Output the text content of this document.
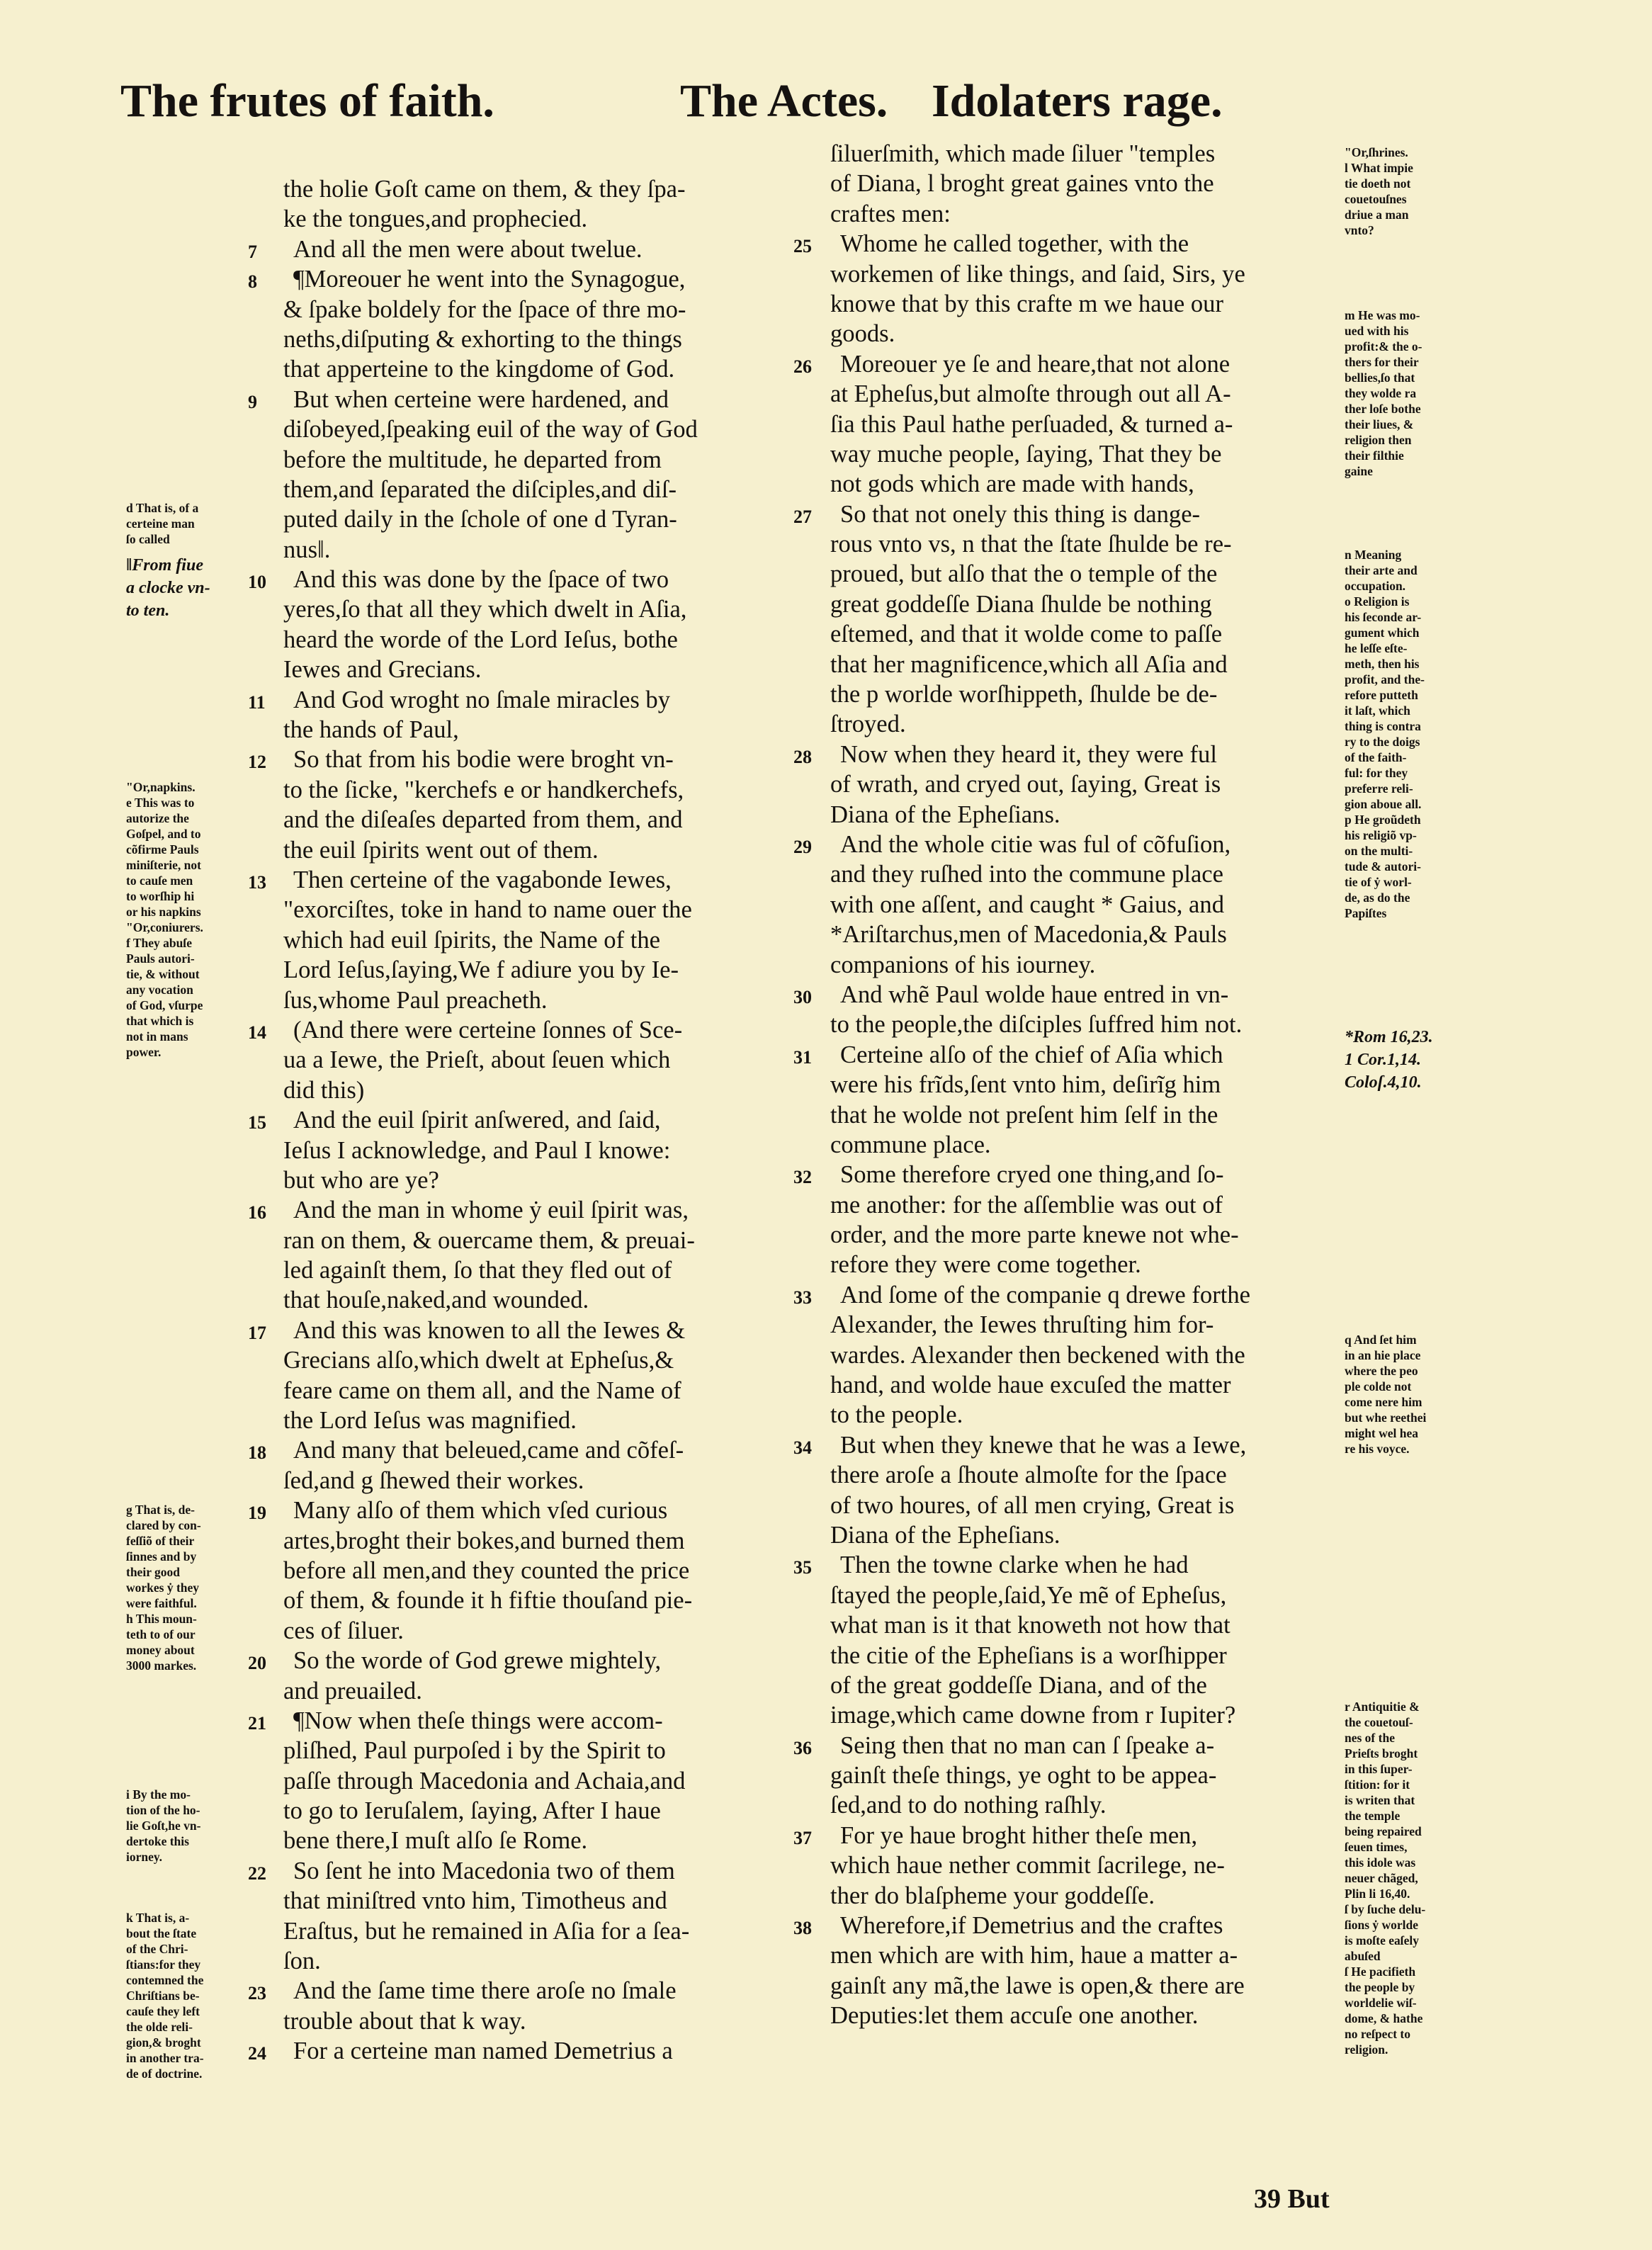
The frutes of faith.	The Actes. Idolaters rage.
the holie Goſt came on them, & they ſpa-
ke the tongues,and prophecied.
7 And all the men were about twelue.
8 ¶Moreouer he went into the Synagogue,
& ſpake boldely for the ſpace of thre mo-
neths,diſputing & exhorting to the things
that apperteine to the kingdome of God.
9 But when certeine were hardened, and
diſobeyed,ſpeaking euil of the way of God
before the multitude, he departed from
them,and ſeparated the diſciples,and diſ-
puted daily in the ſchole of one d Tyran-
nus‖.
10 And this was done by the ſpace of two
yeres,ſo that all they which dwelt in Aſia,
heard the worde of the Lord Ieſus, bothe
Iewes and Grecians.
11 And God wroght no ſmale miracles by
the hands of Paul,
12 So that from his bodie were broght vn-
to the ſicke, "kerchefs e or handkerchefs,
and the diſeaſes departed from them, and
the euil ſpirits went out of them.
13 Then certeine of the vagabonde Iewes,
"exorciſtes, toke in hand to name ouer the
which had euil ſpirits, the Name of the
Lord Ieſus,ſaying,We f adiure you by Ie-
ſus,whome Paul preacheth.
14 (And there were certeine ſonnes of Sce-
ua a Iewe, the Prieſt, about ſeuen which
did this)
15 And the euil ſpirit anſwered, and ſaid,
Ieſus I acknowledge, and Paul I knowe:
but who are ye?
16 And the man in whome ẏ euil ſpirit was,
ran on them, & ouercame them, & preuai-
led againſt them, ſo that they fled out of
that houſe,naked,and wounded.
17 And this was knowen to all the Iewes &
Grecians alſo,which dwelt at Epheſus,&
feare came on them all, and the Name of
the Lord Ieſus was magnified.
18 And many that beleued,came and cõfeſ-
ſed,and g ſhewed their workes.
19 Many alſo of them which vſed curious
artes,broght their bokes,and burned them
before all men,and they counted the price
of them, & founde it h fiftie thouſand pie-
ces of ſiluer.
20 So the worde of God grewe mightely,
and preuailed.
21 ¶Now when theſe things were accom-
pliſhed, Paul purpoſed i by the Spirit to
paſſe through Macedonia and Achaia,and
to go to Ieruſalem, ſaying, After I haue
bene there,I muſt alſo ſe Rome.
22 So ſent he into Macedonia two of them
that miniſtred vnto him, Timotheus and
Eraſtus, but he remained in Aſia for a ſea-
ſon.
23 And the ſame time there aroſe no ſmale
trouble about that k way.
24 For a certeine man named Demetrius a
ſiluerſmith, which made ſiluer "temples
of Diana, l broght great gaines vnto the
craftes men:
25 Whome he called together, with the
workemen of like things, and ſaid, Sirs, ye
knowe that by this crafte m we haue our
goods.
26 Moreouer ye ſe and heare,that not alone
at Epheſus,but almoſte through out all A-
ſia this Paul hathe perſuaded, & turned a-
way muche people, ſaying, That they be
not gods which are made with hands,
27 So that not onely this thing is dange-
rous vnto vs, n that the ſtate ſhulde be re-
proued, but alſo that the o temple of the
great goddeſſe Diana ſhulde be nothing
eſtemed, and that it wolde come to paſſe
that her magnificence,which all Aſia and
the p worlde worſhippeth, ſhulde be de-
ſtroyed.
28 Now when they heard it, they were ful
of wrath, and cryed out, ſaying, Great is
Diana of the Epheſians.
29 And the whole citie was ful of cõfuſion,
and they ruſhed into the commune place
with one aſſent, and caught * Gaius, and
*Ariſtarchus,men of Macedonia,& Pauls
companions of his iourney.
30 And whẽ Paul wolde haue entred in vn-
to the people,the diſciples ſuffred him not.
31 Certeine alſo of the chief of Aſia which
were his frĩds,ſent vnto him, deſirĩg him
that he wolde not preſent him ſelf in the
commune place.
32 Some therefore cryed one thing,and ſo-
me another: for the aſſemblie was out of
order, and the more parte knewe not whe-
refore they were come together.
33 And ſome of the companie q drewe forthe
Alexander, the Iewes thruſting him for-
wardes. Alexander then beckened with the
hand, and wolde haue excuſed the matter
to the people.
34 But when they knewe that he was a Iewe,
there aroſe a ſhoute almoſte for the ſpace
of two houres, of all men crying, Great is
Diana of the Epheſians.
35 Then the towne clarke when he had
ſtayed the people,ſaid,Ye mẽ of Epheſus,
what man is it that knoweth not how that
the citie of the Epheſians is a worſhipper
of the great goddeſſe Diana, and of the
image,which came downe from r Iupiter?
36 Seing then that no man can ſ ſpeake a-
gainſt theſe things, ye oght to be appea-
ſed,and to do nothing raſhly.
37 For ye haue broght hither theſe men,
which haue nether commit ſacrilege, ne-
ther do blaſpheme your goddeſſe.
38 Wherefore,if Demetrius and the craftes
men which are with him, haue a matter a-
gainſt any mã,the lawe is open,& there are
Deputies:let them accuſe one another.
d That is, of a
certeine man
ſo called
‖From fiue
a clocke vn-
to ten.
"Or,napkins.
e This was to
autorize the
Goſpel, and to
cõfirme Pauls
miniſterie, not
to cauſe men
to worſhip hi
or his napkins
"Or,coniurers.
f They abuſe
Pauls autori-
tie, & without
any vocation
of God, vſurpe
that which is
not in mans
power.
g That is, de-
clared by con-
feſſiõ of their
ſinnes and by
their good
workes ẏ they
were faithful.
h This moun-
teth to of our
money about
3000 markes.
i By the mo-
tion of the ho-
lie Goſt,he vn-
dertoke this
iorney.
k That is, a-
bout the ſtate
of the Chri-
ſtians:for they
contemned the
Chriſtians be-
cauſe they left
the olde reli-
gion,& broght
in another tra-
de of doctrine.
"Or,ſhrines.
l What impie
tie doeth not
couetouſnes
driue a man
vnto?
m He was mo-
ued with his
profit:& the o-
thers for their
bellies,ſo that
they wolde ra
ther loſe bothe
their liues, &
religion then
their filthie
gaine
n Meaning
their arte and
occupation.
o Religion is
his ſeconde ar-
gument which
he leſſe eſte-
meth, then his
profit, and the-
refore putteth
it laſt, which
thing is contra
ry to the doigs
of the faith-
ful: for they
preferre reli-
gion aboue all.
p He groũdeth
his religiõ vp-
on the multi-
tude & autori-
tie of ẏ worl-
de, as do the
Papiſtes
*Rom 16,23.
1 Cor.1,14.
Coloſ.4,10.
q And ſet him
in an hie place
where the peo
ple colde not
come nere him
but whe reethei
might wel hea
re his voyce.
r Antiquitie &
the couetouſ-
nes of the
Prieſts broght
in this ſuper-
ſtition: for it
is writen that
the temple
being repaired
ſeuen times,
this idole was
neuer chãged,
Plin li 16,40.
ſ by ſuche delu-
ſions ẏ worlde
is moſte eaſely
abuſed
ſ He pacifieth
the people by
worldelie wiſ-
dome, & hathe
no reſpect to
religion.
39 But
